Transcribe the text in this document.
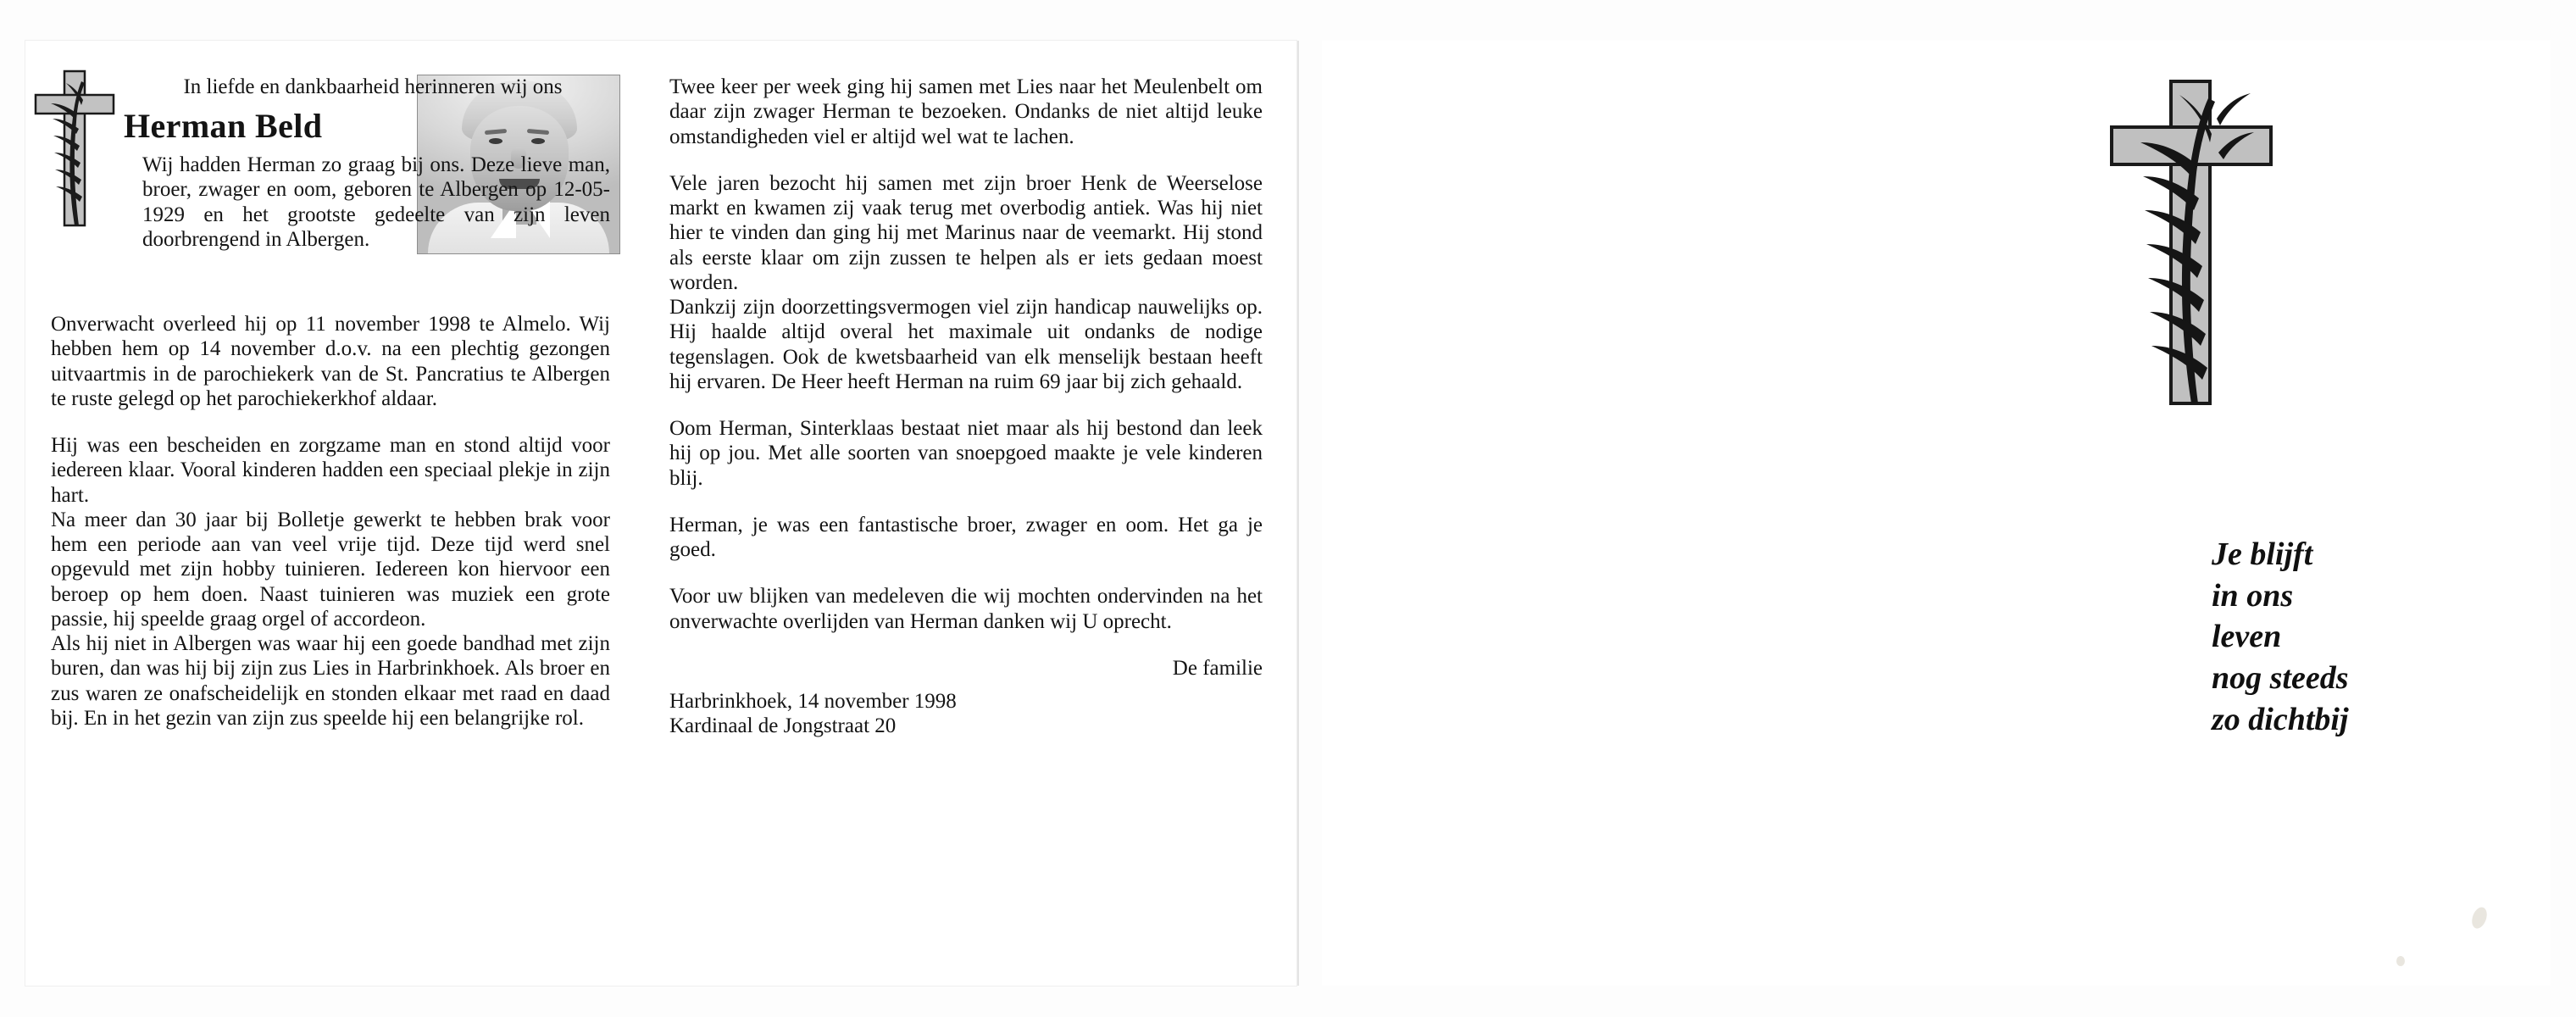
In liefde en dankbaarheid herinneren wij ons
Herman Beld

Wij hadden Herman zo graag bij ons. Deze lieve man, broer, zwager en oom, geboren te Albergen op 12-05-1929 en het grootste gedeelte van zijn leven doorbrengend in Albergen.

Onverwacht overleed hij op 11 november 1998 te Almelo. Wij hebben hem op 14 november d.o.v. na een plechtig gezongen uitvaartmis in de parochiekerk van de St. Pancratius te Albergen te ruste gelegd op het parochiekerkhof aldaar.

Hij was een bescheiden en zorgzame man en stond altijd voor iedereen klaar. Vooral kinderen hadden een speciaal plekje in zijn hart.

Na meer dan 30 jaar bij Bolletje gewerkt te hebben brak voor hem een periode aan van veel vrije tijd. Deze tijd werd snel opgevuld met zijn hobby tuinieren. Iedereen kon hiervoor een beroep op hem doen. Naast tuinieren was muziek een grote passie, hij speelde graag orgel of accordeon.

Als hij niet in Albergen was waar hij een goede bandhad met zijn buren, dan was hij bij zijn zus Lies in Harbrinkhoek. Als broer en zus waren ze onafscheidelijk en stonden elkaar met raad en daad bij. En in het gezin van zijn zus speelde hij een belangrijke rol.

Twee keer per week ging hij samen met Lies naar het Meulenbelt om daar zijn zwager Herman te bezoeken. Ondanks de niet altijd leuke omstandigheden viel er altijd wel wat te lachen.

Vele jaren bezocht hij samen met zijn broer Henk de Weerselose markt en kwamen zij vaak terug met overbodig antiek. Was hij niet hier te vinden dan ging hij met Marinus naar de veemarkt. Hij stond als eerste klaar om zijn zussen te helpen als er iets gedaan moest worden.

Dankzij zijn doorzettingsvermogen viel zijn handicap nauwelijks op. Hij haalde altijd overal het maximale uit ondanks de nodige tegenslagen. Ook de kwetsbaarheid van elk menselijk bestaan heeft hij ervaren. De Heer heeft Herman na ruim 69 jaar bij zich gehaald.

Oom Herman, Sinterklaas bestaat niet maar als hij bestond dan leek hij op jou. Met alle soorten van snoepgoed maakte je vele kinderen blij.

Herman, je was een fantastische broer, zwager en oom. Het ga je goed.

Voor uw blijken van medeleven die wij mochten ondervinden na het onverwachte overlijden van Herman danken wij U oprecht.

De familie
Harbrinkhoek, 14 november 1998
Kardinaal de Jongstraat 20
Je blijft
in ons
leven
nog steeds
zo dichtbij
